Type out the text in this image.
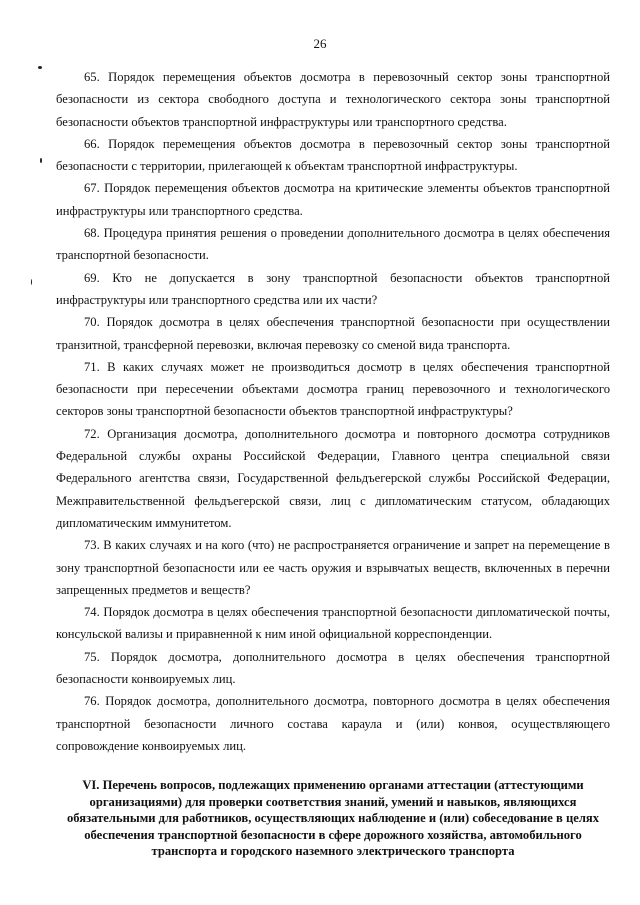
26

65. Порядок перемещения объектов досмотра в перевозочный сектор зоны транспортной безопасности из сектора свободного доступа и технологического сектора зоны транспортной безопасности объектов транспортной инфраструктуры или транспортного средства.

66. Порядок перемещения объектов досмотра в перевозочный сектор зоны транспортной безопасности с территории, прилегающей к объектам транспортной инфраструктуры.

67. Порядок перемещения объектов досмотра на критические элементы объектов транспортной инфраструктуры или транспортного средства.

68. Процедура принятия решения о проведении дополнительного досмотра в целях обеспечения транспортной безопасности.

69. Кто не допускается в зону транспортной безопасности объектов транспортной инфраструктуры или транспортного средства или их части?

70. Порядок досмотра в целях обеспечения транспортной безопасности при осуществлении транзитной, трансферной перевозки, включая перевозку со сменой вида транспорта.

71. В каких случаях может не производиться досмотр в целях обеспечения транспортной безопасности при пересечении объектами досмотра границ перевозочного и технологического секторов зоны транспортной безопасности объектов транспортной инфраструктуры?

72. Организация досмотра, дополнительного досмотра и повторного досмотра сотрудников Федеральной службы охраны Российской Федерации, Главного центра специальной связи Федерального агентства связи, Государственной фельдъегерской службы Российской Федерации, Межправительственной фельдъегерской связи, лиц с дипломатическим статусом, обладающих дипломатическим иммунитетом.

73. В каких случаях и на кого (что) не распространяется ограничение и запрет на перемещение в зону транспортной безопасности или ее часть оружия и взрывчатых веществ, включенных в перечни запрещенных предметов и веществ?

74. Порядок досмотра в целях обеспечения транспортной безопасности дипломатической почты, консульской вализы и приравненной к ним иной официальной корреспонденции.

75. Порядок досмотра, дополнительного досмотра в целях обеспечения транспортной безопасности конвоируемых лиц.

76. Порядок досмотра, дополнительного досмотра, повторного досмотра в целях обеспечения транспортной безопасности личного состава караула и (или) конвоя, осуществляющего сопровождение конвоируемых лиц.

VI. Перечень вопросов, подлежащих применению органами аттестации (аттестующими организациями) для проверки соответствия знаний, умений и навыков, являющихся обязательными для работников, осуществляющих наблюдение и (или) собеседование в целях обеспечения транспортной безопасности в сфере дорожного хозяйства, автомобильного транспорта и городского наземного электрического транспорта
